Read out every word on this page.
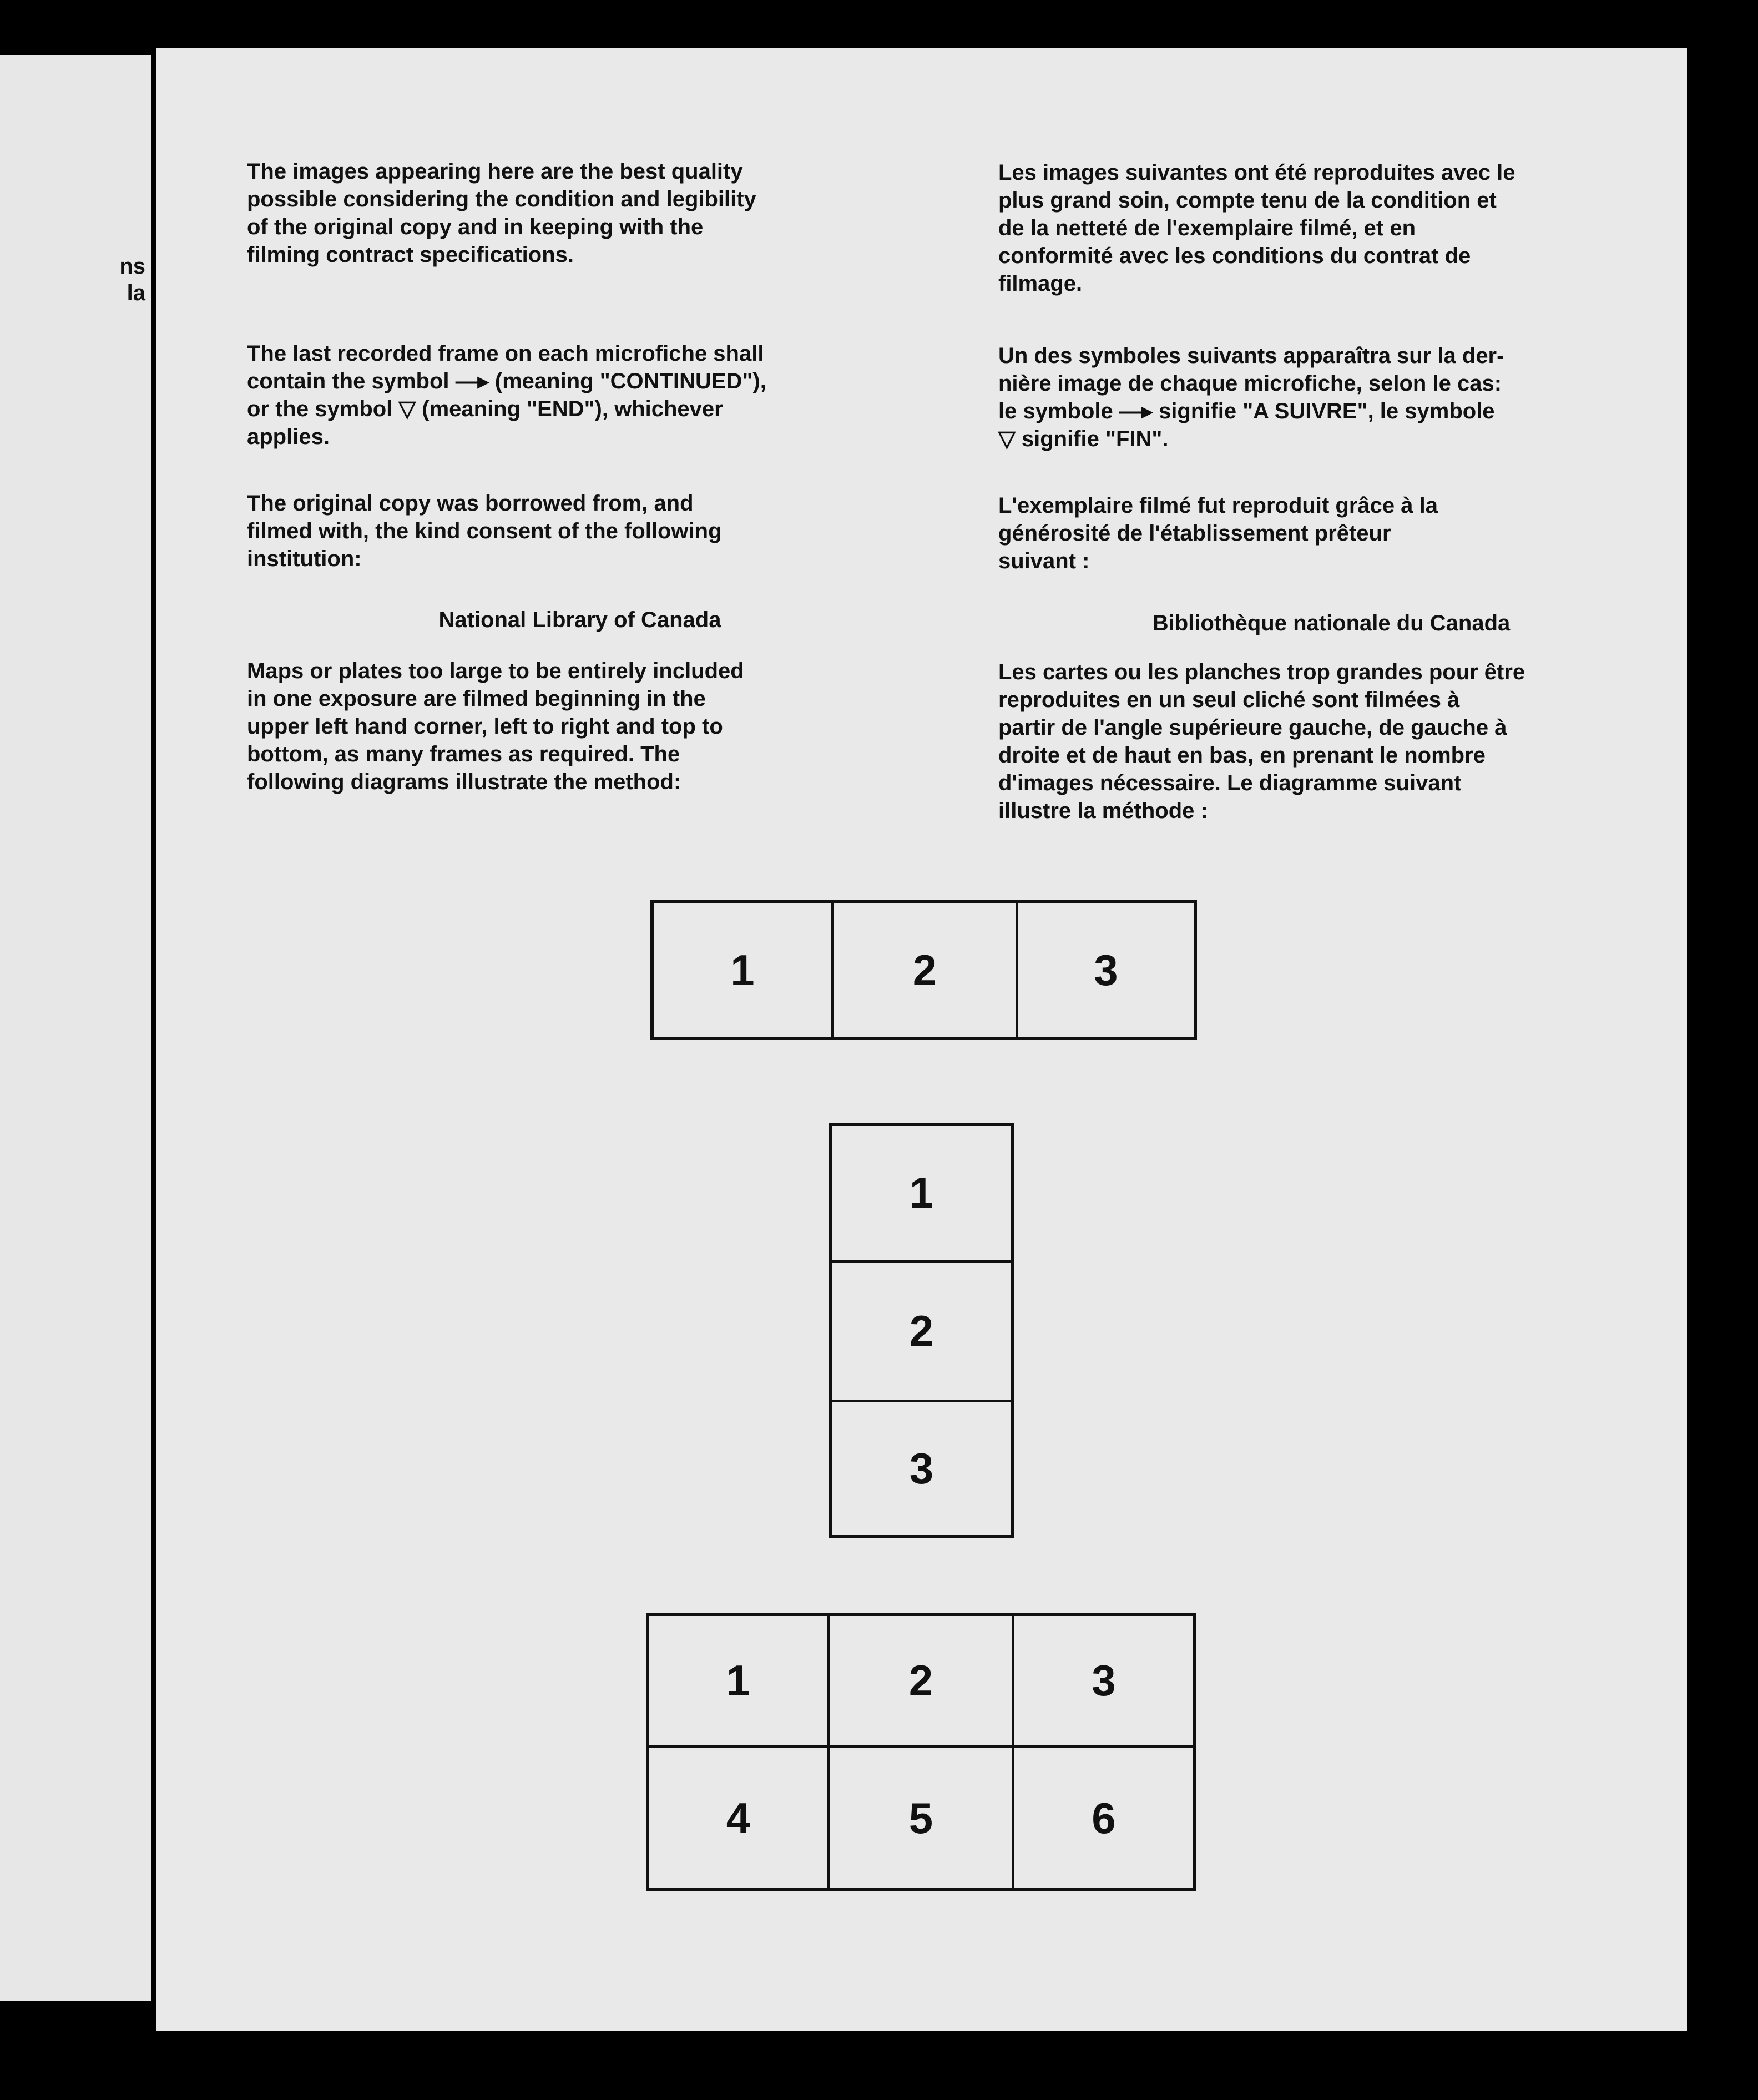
ns
la

The images appearing here are the best quality
possible considering the condition and legibility
of the original copy and in keeping with the
filming contract specifications.

The last recorded frame on each microfiche shall
contain the symbol —▸ (meaning "CONTINUED"),
or the symbol ▽ (meaning "END"), whichever
applies.

The original copy was borrowed from, and
filmed with, the kind consent of the following
institution:

National Library of Canada

Maps or plates too large to be entirely included
in one exposure are filmed beginning in the
upper left hand corner, left to right and top to
bottom, as many frames as required. The
following diagrams illustrate the method:

Les images suivantes ont été reproduites avec le
plus grand soin, compte tenu de la condition et
de la netteté de l'exemplaire filmé, et en
conformité avec les conditions du contrat de
filmage.

Un des symboles suivants apparaîtra sur la der-
nière image de chaque microfiche, selon le cas:
le symbole —▸ signifie "A SUIVRE", le symbole
▽ signifie "FIN".

L'exemplaire filmé fut reproduit grâce à la
générosité de l'établissement prêteur
suivant :

Bibliothèque nationale du Canada

Les cartes ou les planches trop grandes pour être
reproduites en un seul cliché sont filmées à
partir de l'angle supérieure gauche, de gauche à
droite et de haut en bas, en prenant le nombre
d'images nécessaire. Le diagramme suivant
illustre la méthode :

1	2	3
1
2
3
1	2	3
4	5	6
